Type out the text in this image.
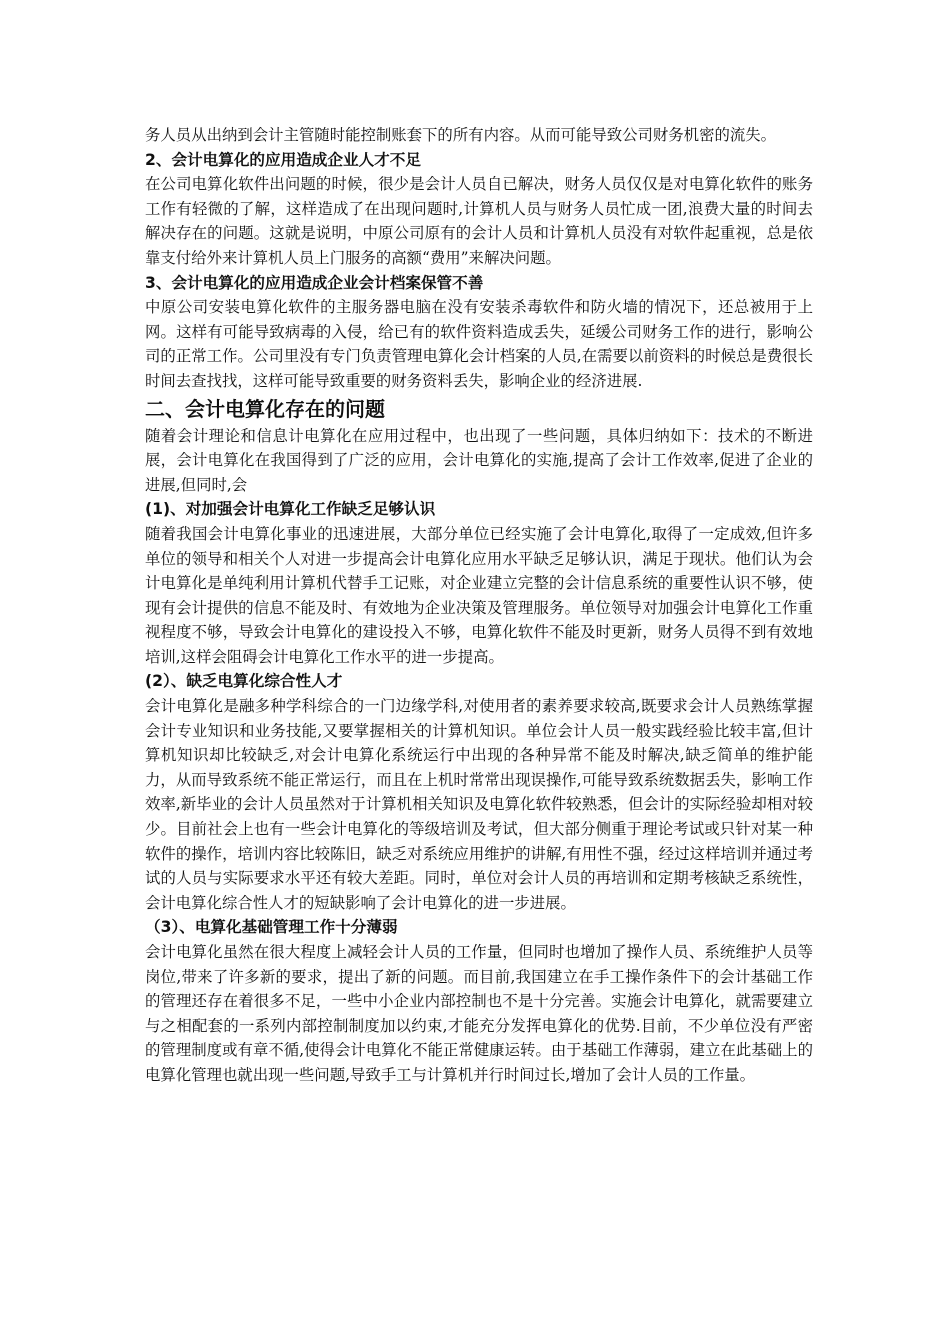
务人员从出纳到会计主管随时能控制账套下的所有内容。从而可能导致公司财务机密的流失。

2、会计电算化的应用造成企业人才不足

在公司电算化软件出问题的时候，很少是会计人员自已解决，财务人员仅仅是对电算化软件的账务工作有轻微的了解，这样造成了在出现问题时,计算机人员与财务人员忙成一团,浪费大量的时间去解决存在的问题。这就是说明，中原公司原有的会计人员和计算机人员没有对软件起重视，总是依靠支付给外来计算机人员上门服务的高额“费用”来解决问题。

3、会计电算化的应用造成企业会计档案保管不善

中原公司安装电算化软件的主服务器电脑在没有安装杀毒软件和防火墙的情况下，还总被用于上网。这样有可能导致病毒的入侵，给已有的软件资料造成丢失，延缓公司财务工作的进行，影响公司的正常工作。公司里没有专门负责管理电算化会计档案的人员,在需要以前资料的时候总是费很长时间去查找找，这样可能导致重要的财务资料丢失，影响企业的经济进展.

二、会计电算化存在的问题

随着会计理论和信息计电算化在应用过程中，也出现了一些问题，具体归纳如下：技术的不断进展，会计电算化在我国得到了广泛的应用，会计电算化的实施,提高了会计工作效率,促进了企业的进展,但同时,会

(1)、对加强会计电算化工作缺乏足够认识

随着我国会计电算化事业的迅速进展，大部分单位已经实施了会计电算化,取得了一定成效,但许多单位的领导和相关个人对进一步提高会计电算化应用水平缺乏足够认识，满足于现状。他们认为会计电算化是单纯利用计算机代替手工记账，对企业建立完整的会计信息系统的重要性认识不够，使现有会计提供的信息不能及时、有效地为企业决策及管理服务。单位领导对加强会计电算化工作重视程度不够，导致会计电算化的建设投入不够，电算化软件不能及时更新，财务人员得不到有效地培训,这样会阻碍会计电算化工作水平的进一步提高。

(2）、缺乏电算化综合性人才

会计电算化是融多种学科综合的一门边缘学科,对使用者的素养要求较高,既要求会计人员熟练掌握会计专业知识和业务技能,又要掌握相关的计算机知识。单位会计人员一般实践经验比较丰富,但计算机知识却比较缺乏,对会计电算化系统运行中出现的各种异常不能及时解决,缺乏简单的维护能力，从而导致系统不能正常运行，而且在上机时常常出现误操作,可能导致系统数据丢失，影响工作效率,新毕业的会计人员虽然对于计算机相关知识及电算化软件较熟悉，但会计的实际经验却相对较少。目前社会上也有一些会计电算化的等级培训及考试，但大部分侧重于理论考试或只针对某一种软件的操作，培训内容比较陈旧，缺乏对系统应用维护的讲解,有用性不强，经过这样培训并通过考试的人员与实际要求水平还有较大差距。同时，单位对会计人员的再培训和定期考核缺乏系统性，会计电算化综合性人才的短缺影响了会计电算化的进一步进展。

（3）、电算化基础管理工作十分薄弱

会计电算化虽然在很大程度上减轻会计人员的工作量，但同时也增加了操作人员、系统维护人员等岗位,带来了许多新的要求，提出了新的问题。而目前,我国建立在手工操作条件下的会计基础工作的管理还存在着很多不足，一些中小企业内部控制也不是十分完善。实施会计电算化，就需要建立与之相配套的一系列内部控制制度加以约束,才能充分发挥电算化的优势.目前，不少单位没有严密的管理制度或有章不循,使得会计电算化不能正常健康运转。由于基础工作薄弱，建立在此基础上的电算化管理也就出现一些问题,导致手工与计算机并行时间过长,增加了会计人员的工作量。
